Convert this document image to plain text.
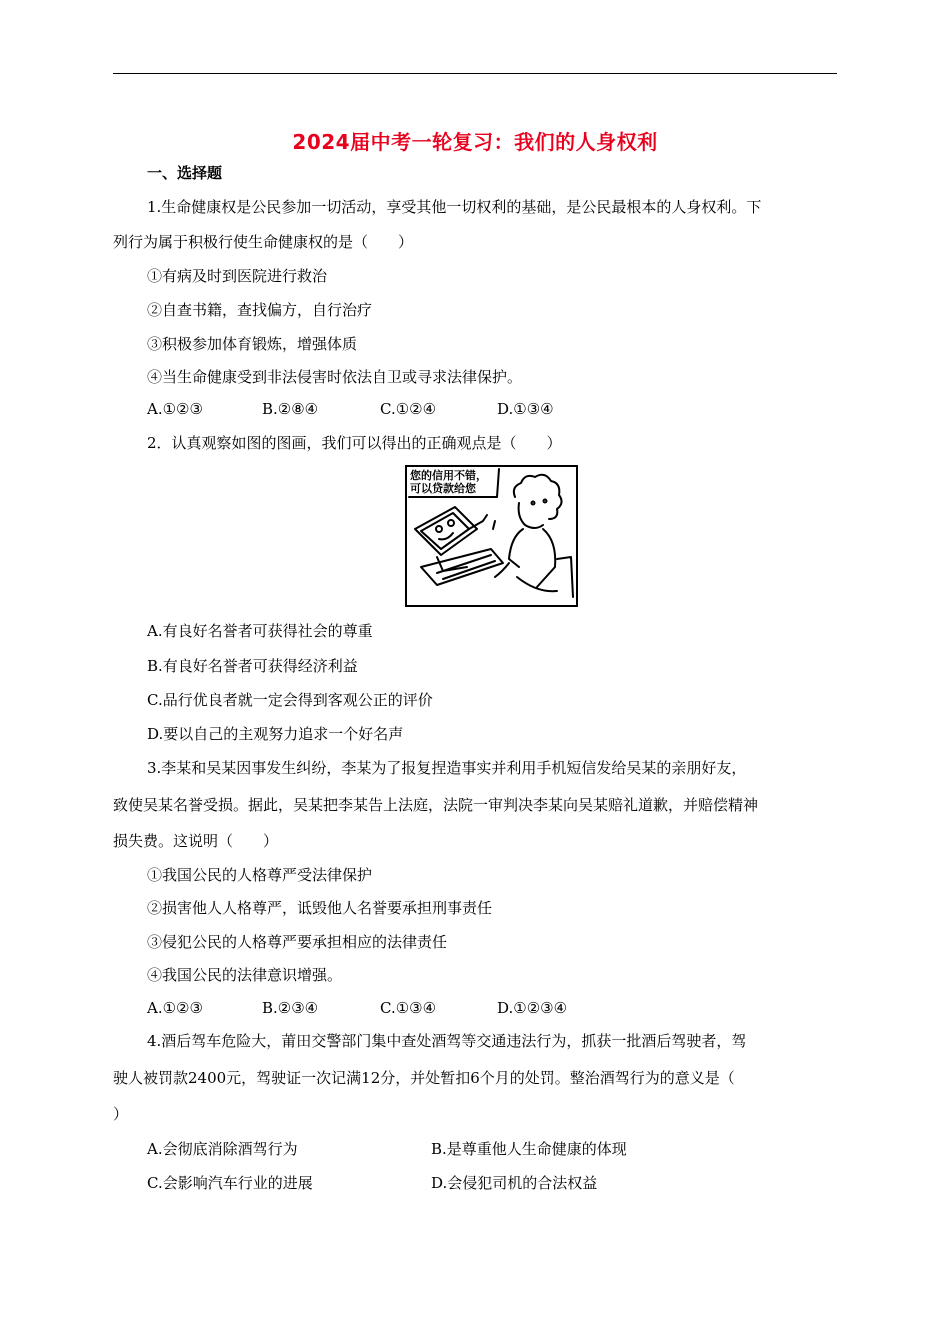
2024届中考一轮复习：我们的人身权利
一、选择题
1.生命健康权是公民参加一切活动，享受其他一切权利的基础，是公民最根本的人身权利。下
列行为属于积极行使生命健康权的是（　　）
①有病及时到医院进行救治
②自查书籍，查找偏方，自行治疗
③积极参加体育锻炼，增强体质
④当生命健康受到非法侵害时依法自卫或寻求法律保护。
A.①②③	B.②⑧④	C.①②④	D.①③④
2．认真观察如图的图画，我们可以得出的正确观点是（　　）
您的信用不错，
可以贷款给您
A.有良好名誉者可获得社会的尊重
B.有良好名誉者可获得经济利益
C.品行优良者就一定会得到客观公正的评价
D.要以自己的主观努力追求一个好名声
3.李某和吴某因事发生纠纷，李某为了报复捏造事实并利用手机短信发给吴某的亲朋好友，
致使吴某名誉受损。据此，吴某把李某告上法庭，法院一审判决李某向吴某赔礼道歉，并赔偿精神
损失费。这说明（　　）
①我国公民的人格尊严受法律保护
②损害他人人格尊严，诋毁他人名誉要承担刑事责任
③侵犯公民的人格尊严要承担相应的法律责任
④我国公民的法律意识增强。
A.①②③	B.②③④	C.①③④	D.①②③④
4.酒后驾车危险大，莆田交警部门集中查处酒驾等交通违法行为，抓获一批酒后驾驶者，驾
驶人被罚款2400元，驾驶证一次记满12分，并处暂扣6个月的处罚。整治酒驾行为的意义是（
）
A.会彻底消除酒驾行为	B.是尊重他人生命健康的体现
C.会影响汽车行业的进展	D.会侵犯司机的合法权益
